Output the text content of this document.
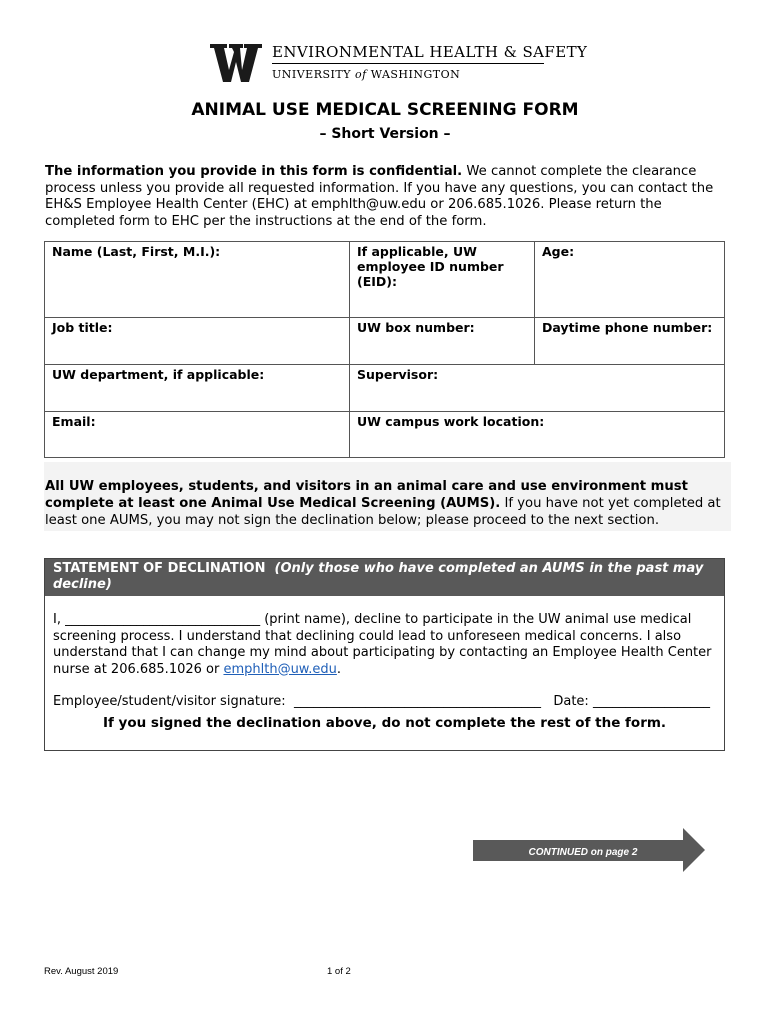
ENVIRONMENTAL HEALTH & SAFETY
UNIVERSITY of WASHINGTON
ANIMAL USE MEDICAL SCREENING FORM
– Short Version –
The information you provide in this form is confidential. We cannot complete the clearance process unless you provide all requested information. If you have any questions, you can contact the EH&S Employee Health Center (EHC) at emphlth@uw.edu or 206.685.1026. Please return the completed form to EHC per the instructions at the end of the form.
Name (Last, First, M.I.):	If applicable, UW employee ID number (EID):	Age:
Job title:	UW box number:	Daytime phone number:
UW department, if applicable:	Supervisor:	
Email:	UW campus work location:	
All UW employees, students, and visitors in an animal care and use environment must complete at least one Animal Use Medical Screening (AUMS). If you have not yet completed at least one AUMS, you may not sign the declination below; please proceed to the next section.
STATEMENT OF DECLINATION (Only those who have completed an AUMS in the past may decline)
I, ______________________________ (print name), decline to participate in the UW animal use medical screening process. I understand that declining could lead to unforeseen medical concerns. I also understand that I can change my mind about participating by contacting an Employee Health Center nurse at 206.685.1026 or emphlth@uw.edu.
Employee/student/visitor signature: ______________________________________ Date: __________________
If you signed the declination above, do not complete the rest of the form.
CONTINUED on page 2
Rev. August 2019	1 of 2
